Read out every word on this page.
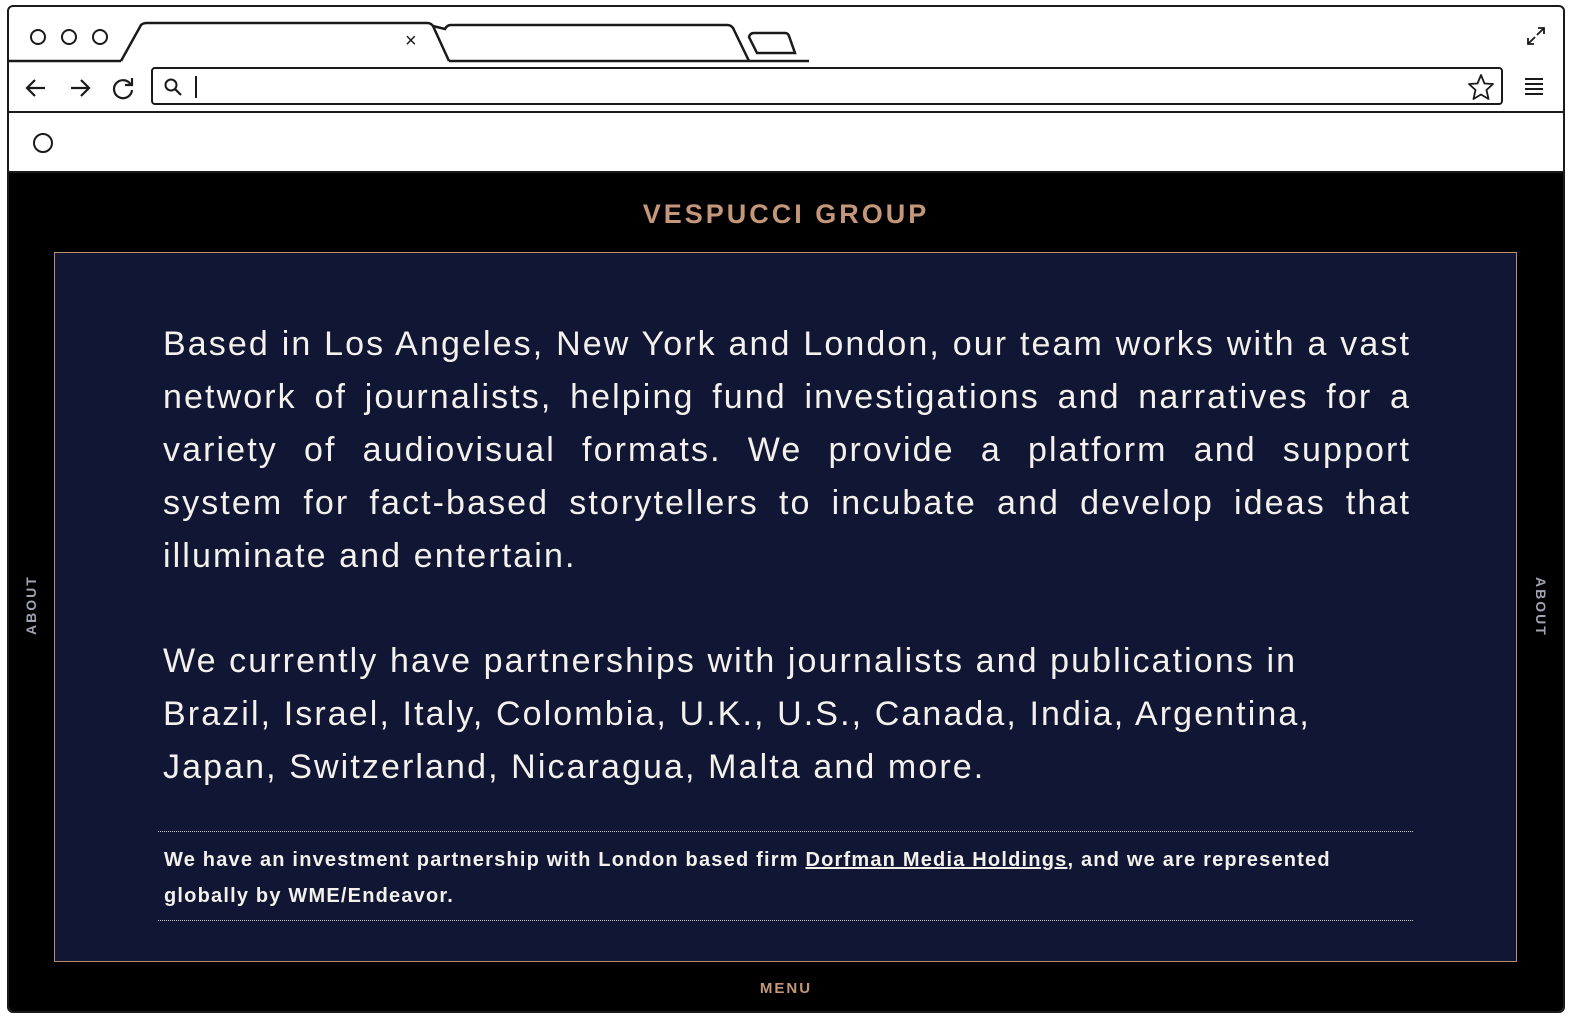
×
VESPUCCI GROUP
ABOUT	ABOUT

Based in Los Angeles, New York and London, our team works with a vast network of journalists, helping fund investigations and narratives for a variety of audiovisual formats. We provide a platform and support system for fact-based storytellers to incubate and develop ideas that illuminate and entertain.

We currently have partnerships with journalists and publications in Brazil, Israel, Italy, Colombia, U.K., U.S., Canada, India, Argentina, Japan, Switzerland, Nicaragua, Malta and more.

We have an investment partnership with London based firm Dorfman Media Holdings, and we are represented globally by WME/Endeavor.

MENU
